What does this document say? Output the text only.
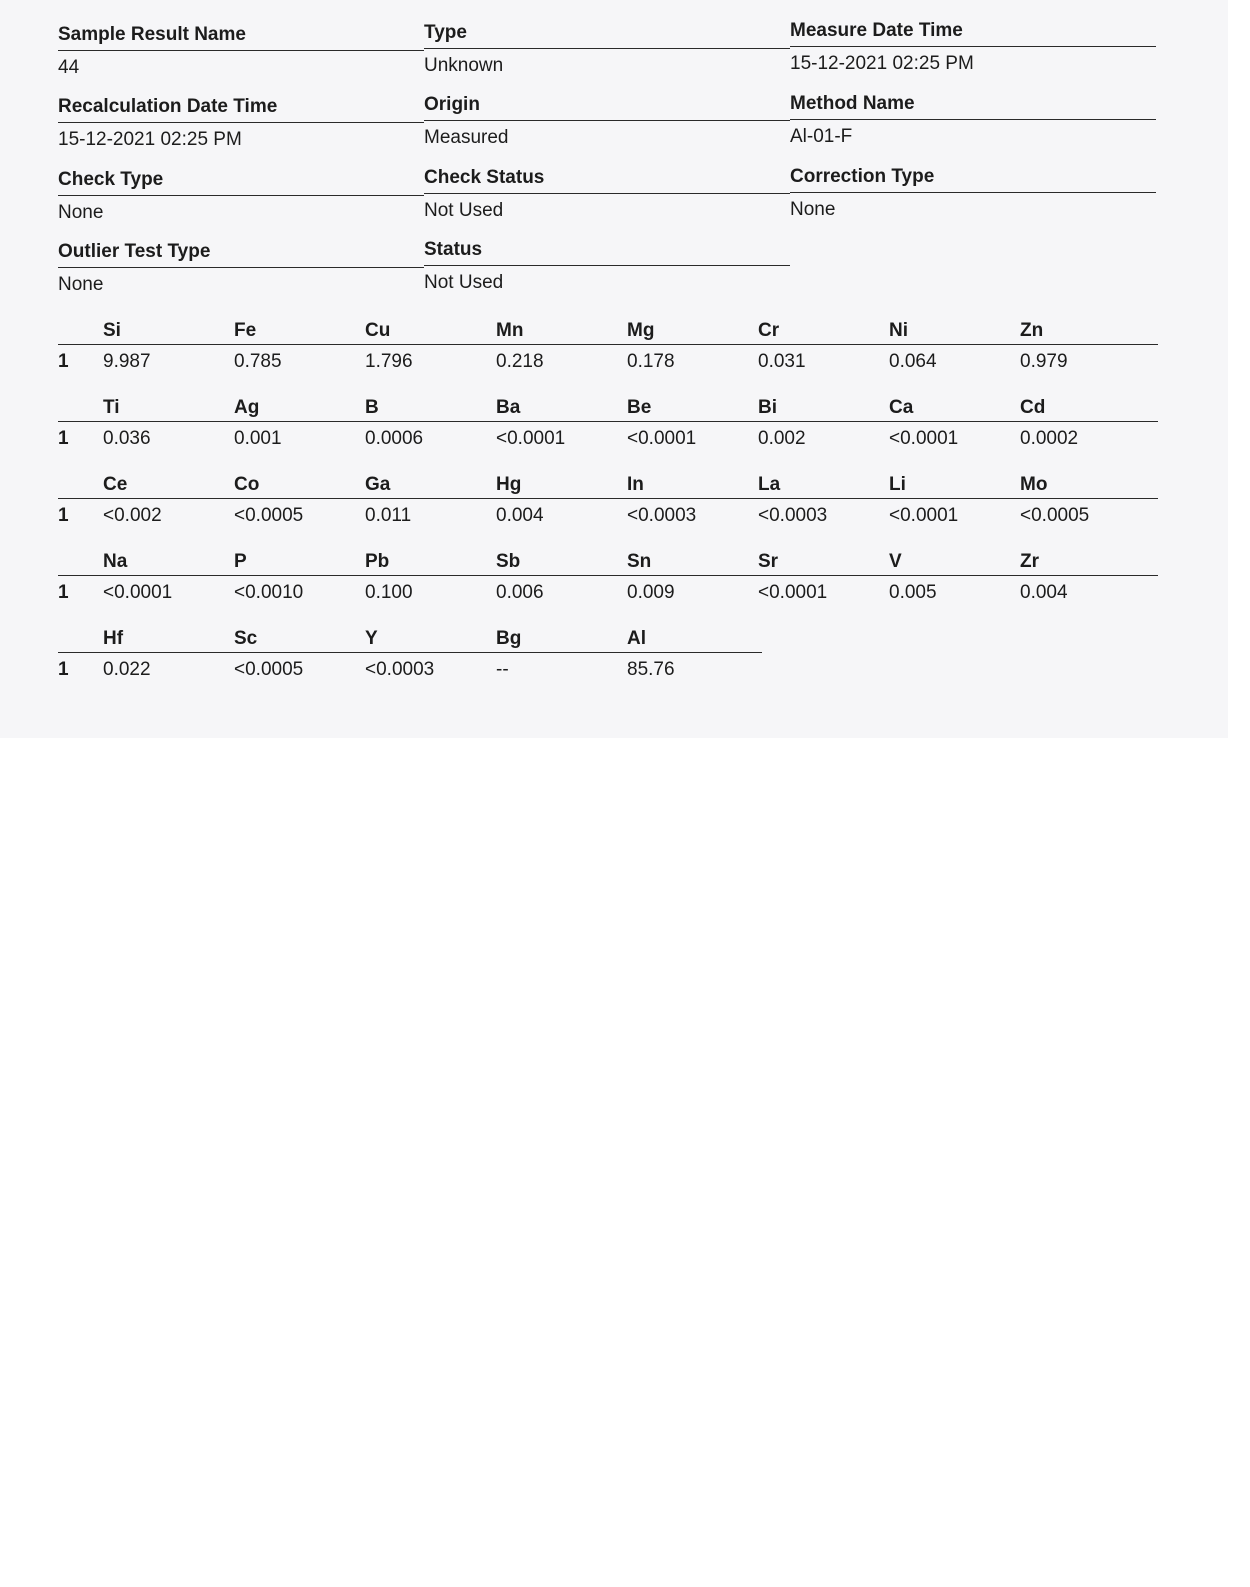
Sample Result Name
44
Type
Unknown
Measure Date Time
15-12-2021 02:25 PM
Recalculation Date Time
15-12-2021 02:25 PM
Origin
Measured
Method Name
Al-01-F
Check Type
None
Check Status
Not Used
Correction Type
None
Outlier Test Type
None
Status
Not Used
Si	Fe	Cu	Mn	Mg	Cr	Ni	Zn
1	9.987	0.785	1.796	0.218	0.178	0.031	0.064	0.979
Ti	Ag	B	Ba	Be	Bi	Ca	Cd
1	0.036	0.001	0.0006	<0.0001	<0.0001	0.002	<0.0001	0.0002
Ce	Co	Ga	Hg	In	La	Li	Mo
1	<0.002	<0.0005	0.011	0.004	<0.0003	<0.0003	<0.0001	<0.0005
Na	P	Pb	Sb	Sn	Sr	V	Zr
1	<0.0001	<0.0010	0.100	0.006	0.009	<0.0001	0.005	0.004
Hf	Sc	Y	Bg	Al
1	0.022	<0.0005	<0.0003	--	85.76
